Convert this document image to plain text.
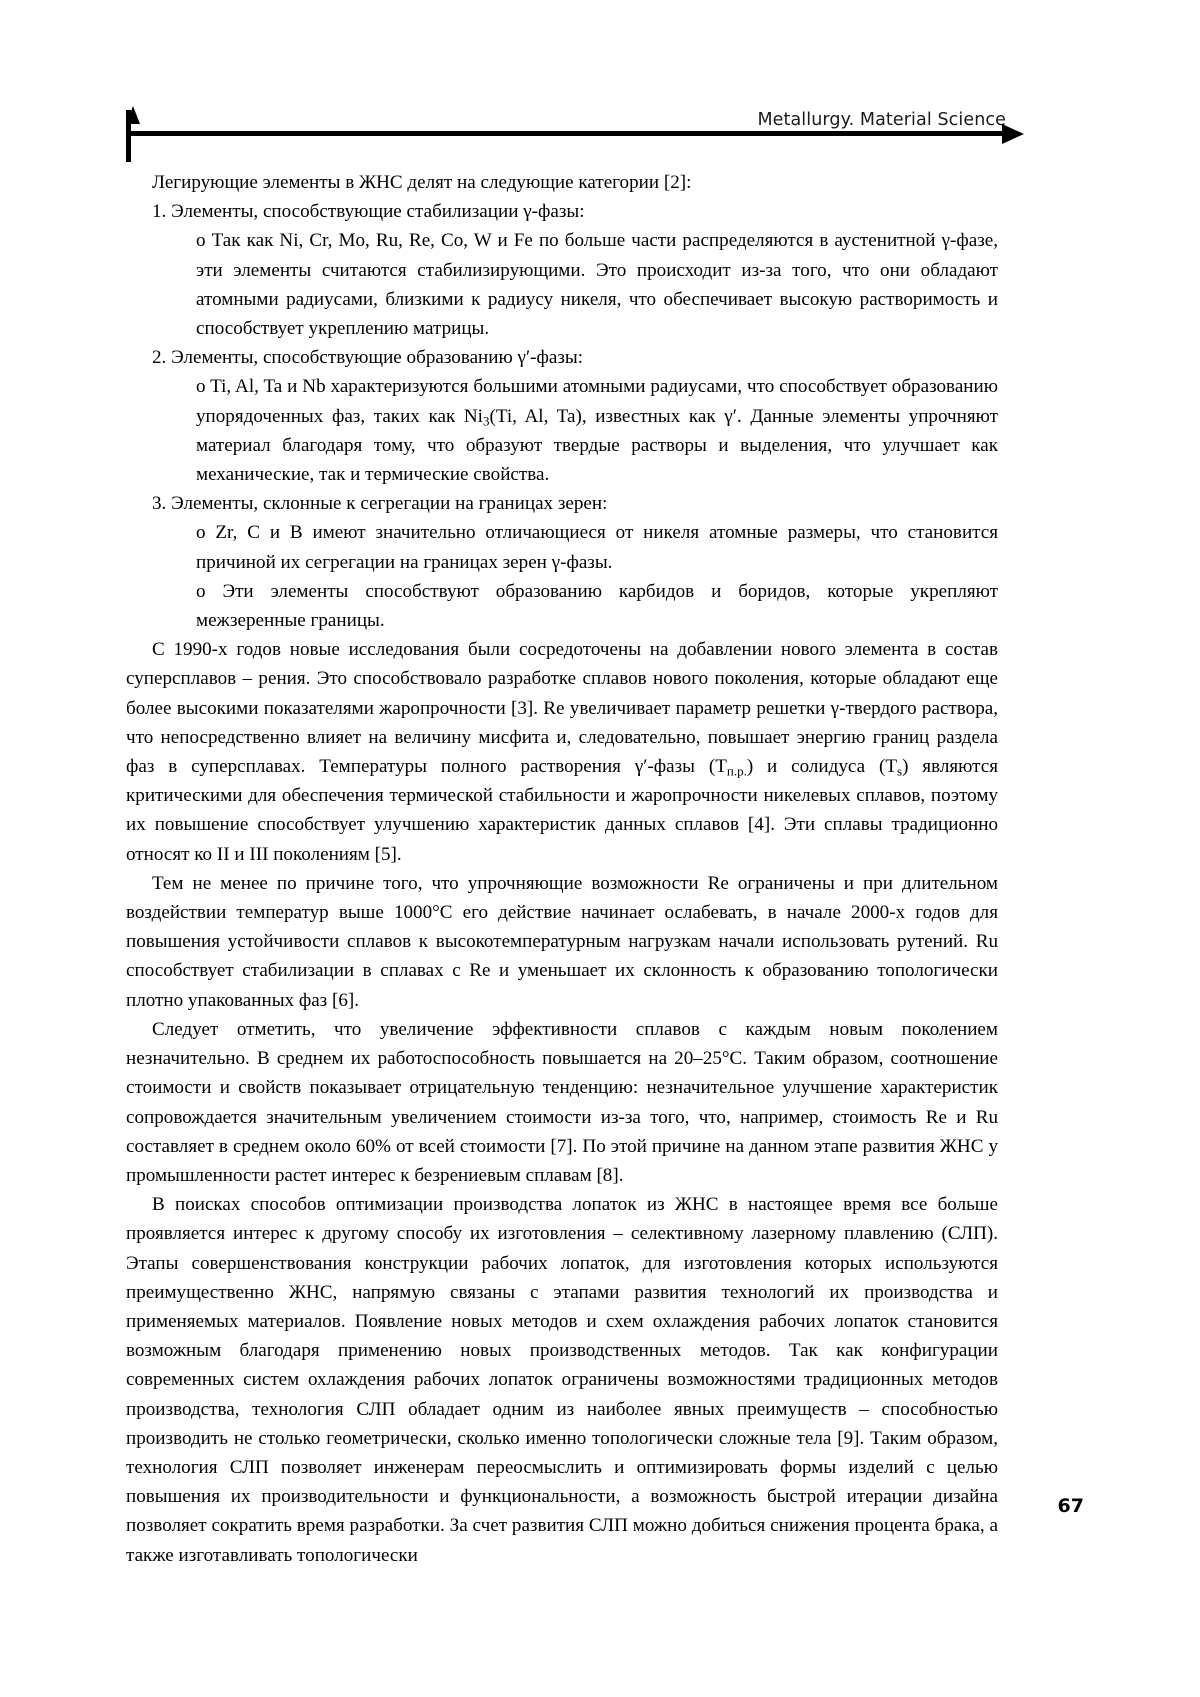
Metallurgy. Material Science

Легирующие элементы в ЖНС делят на следующие категории [2]:

1. Элементы, способствующие стабилизации γ-фазы:

o Так как Ni, Cr, Mo, Ru, Re, Co, W и Fe по больше части распределяются в аустенитной γ-фазе, эти элементы считаются стабилизирующими. Это происходит из-за того, что они обладают атомными радиусами, близкими к радиусу никеля, что обеспечивает высокую растворимость и способствует укреплению матрицы.

2. Элементы, способствующие образованию γ′-фазы:

o Ti, Al, Ta и Nb характеризуются большими атомными радиусами, что способствует образованию упорядоченных фаз, таких как $Ni_3(Ti$, Al, Ta), известных как γ′. Данные элементы упрочняют материал благодаря тому, что образуют твердые растворы и выделения, что улучшает как механические, так и термические свойства.

3. Элементы, склонные к сегрегации на границах зерен:

o Zr, C и B имеют значительно отличающиеся от никеля атомные размеры, что становится причиной их сегрегации на границах зерен γ-фазы.

o Эти элементы способствуют образованию карбидов и боридов, которые укрепляют межзеренные границы.

С 1990-х годов новые исследования были сосредоточены на добавлении нового элемента в состав суперсплавов – рения. Это способствовало разработке сплавов нового поколения, которые обладают еще более высокими показателями жаропрочности [3]. Re увеличивает параметр решетки γ-твердого раствора, что непосредственно влияет на величину мисфита и, следовательно, повышает энергию границ раздела фаз в суперсплавах. Температуры полного растворения γ′-фазы $(T_{п.р.})$ и солидуса $(T_s)$ являются критическими для обеспечения термической стабильности и жаропрочности никелевых сплавов, поэтому их повышение способствует улучшению характеристик данных сплавов [4]. Эти сплавы традиционно относят ко II и III поколениям [5].

Тем не менее по причине того, что упрочняющие возможности Re ограничены и при длительном воздействии температур выше 1000°С его действие начинает ослабевать, в начале 2000-х годов для повышения устойчивости сплавов к высокотемпературным нагрузкам начали использовать рутений. Ru способствует стабилизации в сплавах с Re и уменьшает их склонность к образованию топологически плотно упакованных фаз [6].

Следует отметить, что увеличение эффективности сплавов с каждым новым поколением незначительно. В среднем их работоспособность повышается на 20–25°С. Таким образом, соотношение стоимости и свойств показывает отрицательную тенденцию: незначительное улучшение характеристик сопровождается значительным увеличением стоимости из-за того, что, например, стоимость Re и Ru составляет в среднем около 60% от всей стоимости [7]. По этой причине на данном этапе развития ЖНС у промышленности растет интерес к безрениевым сплавам [8].

В поисках способов оптимизации производства лопаток из ЖНС в настоящее время все больше проявляется интерес к другому способу их изготовления – селективному лазерному плавлению (СЛП). Этапы совершенствования конструкции рабочих лопаток, для изготовления которых используются преимущественно ЖНС, напрямую связаны с этапами развития технологий их производства и применяемых материалов. Появление новых методов и схем охлаждения рабочих лопаток становится возможным благодаря применению новых производственных методов. Так как конфигурации современных систем охлаждения рабочих лопаток ограничены возможностями традиционных методов производства, технология СЛП обладает одним из наиболее явных преимуществ – способностью производить не столько геометрически, сколько именно топологически сложные тела [9]. Таким образом, технология СЛП позволяет инженерам переосмыслить и оптимизировать формы изделий с целью повышения их производительности и функциональности, а возможность быстрой итерации дизайна позволяет сократить время разработки. За счет развития СЛП можно добиться снижения процента брака, а также изготавливать топологически

67
